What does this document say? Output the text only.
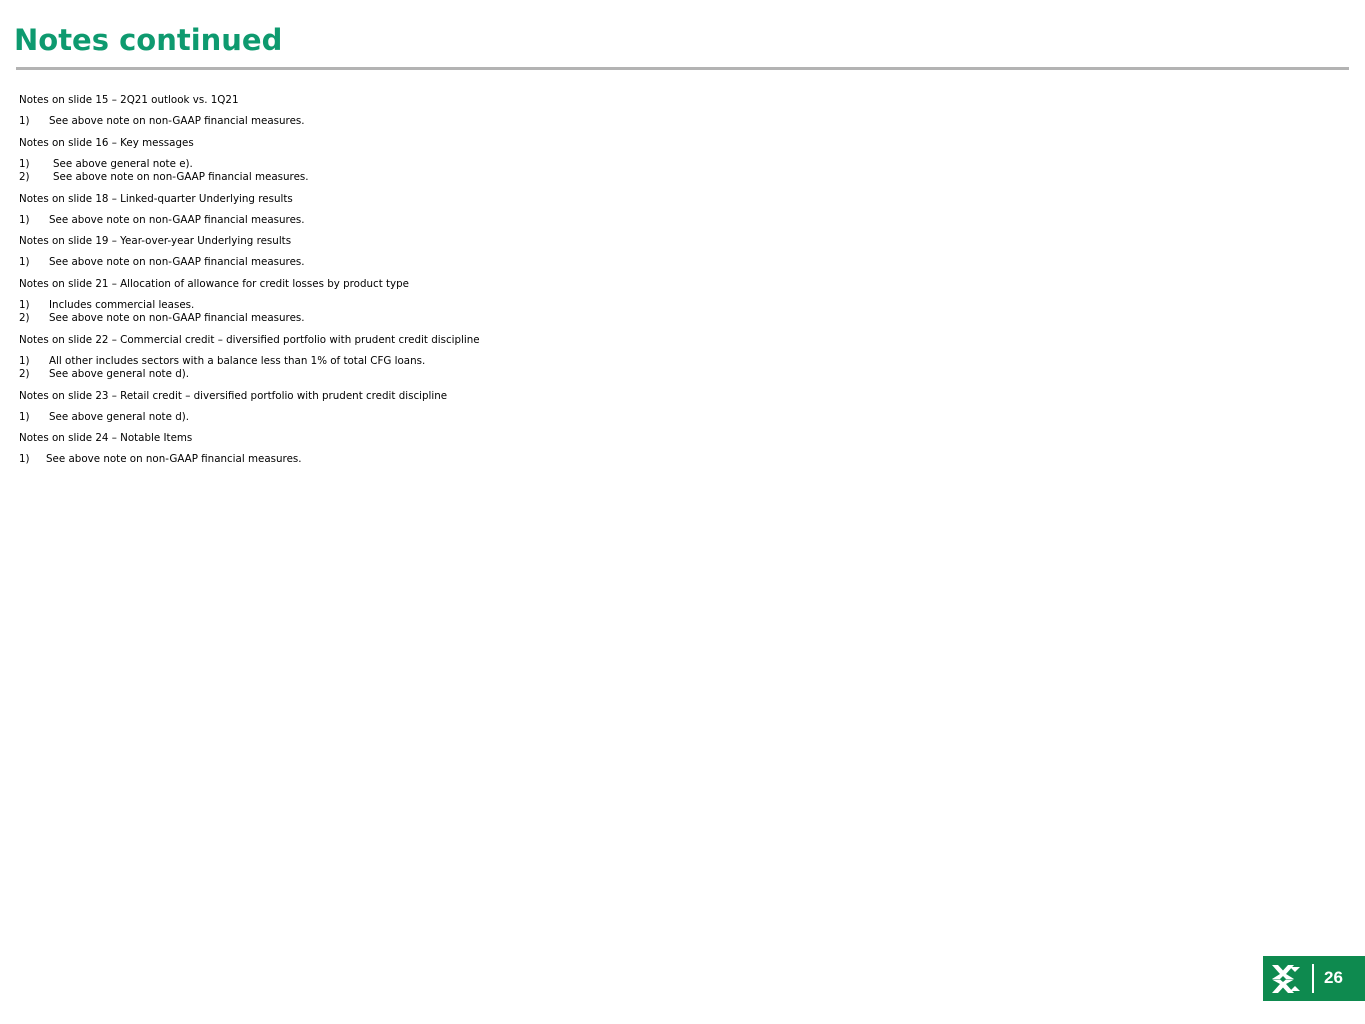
Notes continued
Notes on slide 15 – 2Q21 outlook vs. 1Q21
1)	See above note on non-GAAP financial measures.
Notes on slide 16 – Key messages
1)	See above general note e).
2)	See above note on non-GAAP financial measures.
Notes on slide 18 – Linked-quarter Underlying results
1)	See above note on non-GAAP financial measures.
Notes on slide 19 – Year-over-year Underlying results
1)	See above note on non-GAAP financial measures.
Notes on slide 21 – Allocation of allowance for credit losses by product type
1)	Includes commercial leases.
2)	See above note on non-GAAP financial measures.
Notes on slide 22 – Commercial credit – diversified portfolio with prudent credit discipline
1)	All other includes sectors with a balance less than 1% of total CFG loans.
2)	See above general note d).
Notes on slide 23 – Retail credit – diversified portfolio with prudent credit discipline
1)	See above general note d).
Notes on slide 24 – Notable Items
1)	See above note on non-GAAP financial measures.
26
